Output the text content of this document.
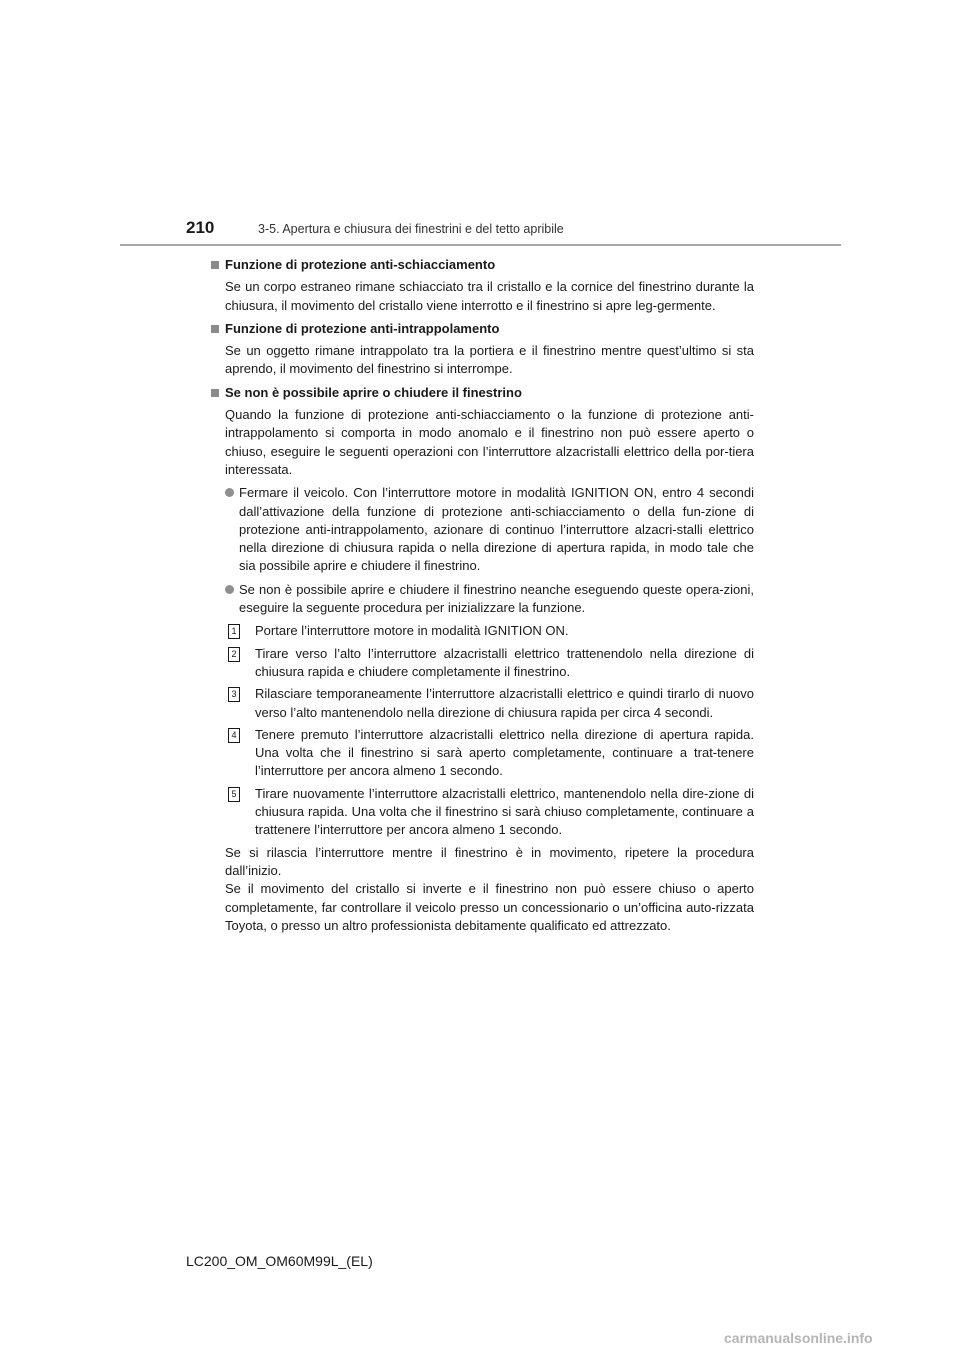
210	3-5. Apertura e chiusura dei finestrini e del tetto apribile
Funzione di protezione anti-schiacciamento

Se un corpo estraneo rimane schiacciato tra il cristallo e la cornice del finestrino durante la chiusura, il movimento del cristallo viene interrotto e il finestrino si apre leg-germente.

Funzione di protezione anti-intrappolamento

Se un oggetto rimane intrappolato tra la portiera e il finestrino mentre quest’ultimo si sta aprendo, il movimento del finestrino si interrompe.

Se non è possibile aprire o chiudere il finestrino

Quando la funzione di protezione anti-schiacciamento o la funzione di protezione anti-intrappolamento si comporta in modo anomalo e il finestrino non può essere aperto o chiuso, eseguire le seguenti operazioni con l’interruttore alzacristalli elettrico della por-tiera interessata.

Fermare il veicolo. Con l’interruttore motore in modalità IGNITION ON, entro 4 secondi dall’attivazione della funzione di protezione anti-schiacciamento o della fun-zione di protezione anti-intrappolamento, azionare di continuo l’interruttore alzacri-stalli elettrico nella direzione di chiusura rapida o nella direzione di apertura rapida, in modo tale che sia possibile aprire e chiudere il finestrino.
Se non è possibile aprire e chiudere il finestrino neanche eseguendo queste opera-zioni, eseguire la seguente procedura per inizializzare la funzione.
1 Portare l’interruttore motore in modalità IGNITION ON.
2 Tirare verso l’alto l’interruttore alzacristalli elettrico trattenendolo nella direzione di chiusura rapida e chiudere completamente il finestrino.
3 Rilasciare temporaneamente l’interruttore alzacristalli elettrico e quindi tirarlo di nuovo verso l’alto mantenendolo nella direzione di chiusura rapida per circa 4 secondi.
4 Tenere premuto l’interruttore alzacristalli elettrico nella direzione di apertura rapida. Una volta che il finestrino si sarà aperto completamente, continuare a trat-tenere l’interruttore per ancora almeno 1 secondo.
5 Tirare nuovamente l’interruttore alzacristalli elettrico, mantenendolo nella dire-zione di chiusura rapida. Una volta che il finestrino si sarà chiuso completamente, continuare a trattenere l’interruttore per ancora almeno 1 secondo.
Se si rilascia l’interruttore mentre il finestrino è in movimento, ripetere la procedura dall’inizio.
Se il movimento del cristallo si inverte e il finestrino non può essere chiuso o aperto completamente, far controllare il veicolo presso un concessionario o un’officina auto-rizzata Toyota, o presso un altro professionista debitamente qualificato ed attrezzato.
LC200_OM_OM60M99L_(EL)
carmanualsonline.info
